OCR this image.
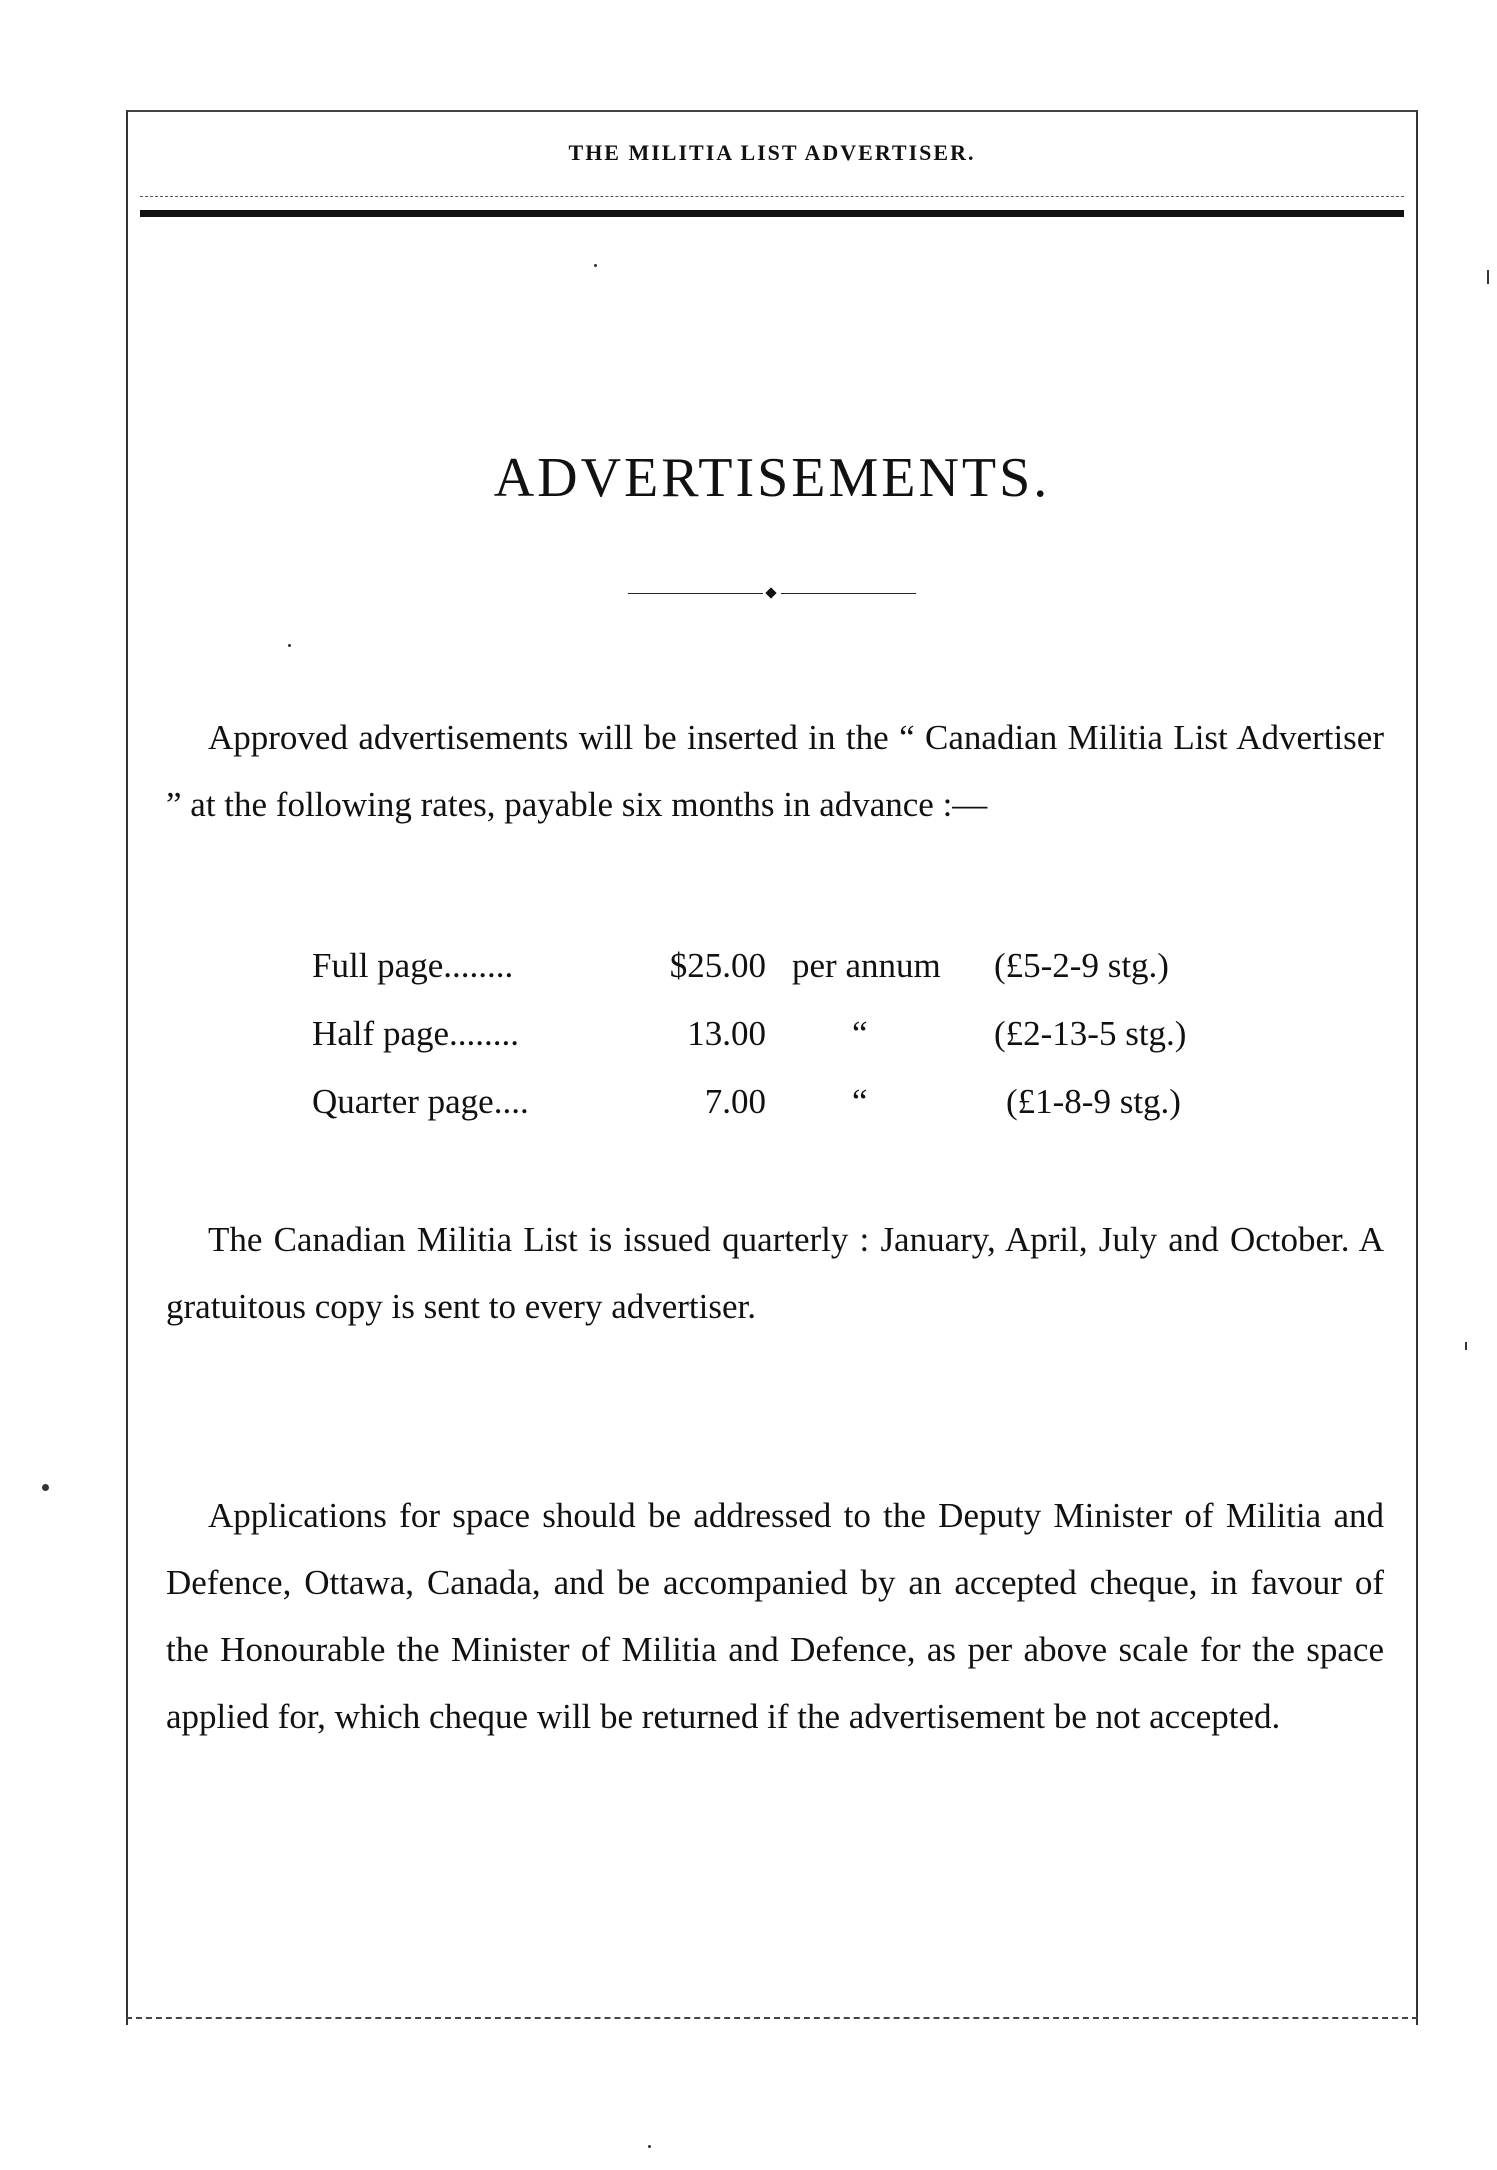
THE MILITIA LIST ADVERTISER.
ADVERTISEMENTS.

Approved advertisements will be inserted in the “ Canadian Militia List Advertiser ” at the following rates, payable six months in advance :—

Full page........	$25.00 per annum (£5-2-9 stg.)
Half page........	13.00 “	(£2-13-5 stg.)
Quarter page....	7.00 “	(£1-8-9 stg.)

The Canadian Militia List is issued quarterly : January, April, July and October. A gratuitous copy is sent to every advertiser.

Applications for space should be addressed to the Deputy Minister of Militia and Defence, Ottawa, Canada, and be accompanied by an accepted cheque, in favour of the Honourable the Minister of Militia and Defence, as per above scale for the space applied for, which cheque will be returned if the advertisement be not accepted.
